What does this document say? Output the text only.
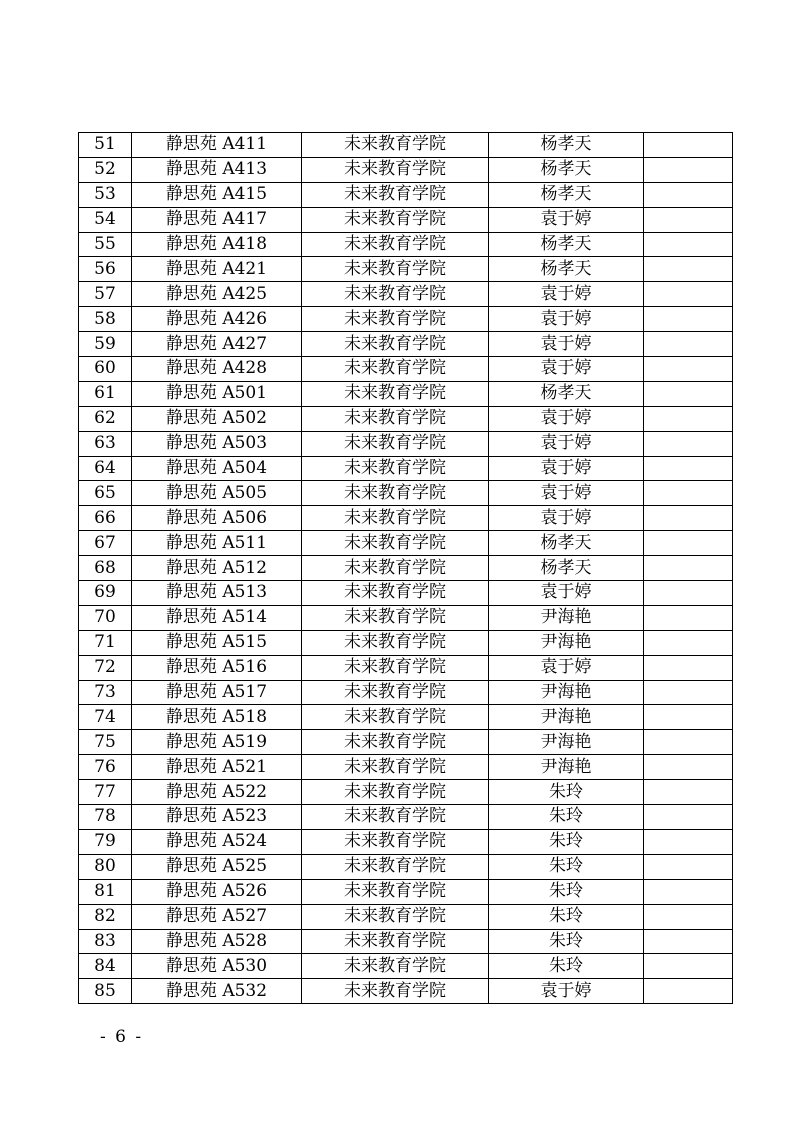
51	静思苑 A411	未来教育学院	杨孝天	
52	静思苑 A413	未来教育学院	杨孝天	
53	静思苑 A415	未来教育学院	杨孝天	
54	静思苑 A417	未来教育学院	袁于婷	
55	静思苑 A418	未来教育学院	杨孝天	
56	静思苑 A421	未来教育学院	杨孝天	
57	静思苑 A425	未来教育学院	袁于婷	
58	静思苑 A426	未来教育学院	袁于婷	
59	静思苑 A427	未来教育学院	袁于婷	
60	静思苑 A428	未来教育学院	袁于婷	
61	静思苑 A501	未来教育学院	杨孝天	
62	静思苑 A502	未来教育学院	袁于婷	
63	静思苑 A503	未来教育学院	袁于婷	
64	静思苑 A504	未来教育学院	袁于婷	
65	静思苑 A505	未来教育学院	袁于婷	
66	静思苑 A506	未来教育学院	袁于婷	
67	静思苑 A511	未来教育学院	杨孝天	
68	静思苑 A512	未来教育学院	杨孝天	
69	静思苑 A513	未来教育学院	袁于婷	
70	静思苑 A514	未来教育学院	尹海艳	
71	静思苑 A515	未来教育学院	尹海艳	
72	静思苑 A516	未来教育学院	袁于婷	
73	静思苑 A517	未来教育学院	尹海艳	
74	静思苑 A518	未来教育学院	尹海艳	
75	静思苑 A519	未来教育学院	尹海艳	
76	静思苑 A521	未来教育学院	尹海艳	
77	静思苑 A522	未来教育学院	朱玲	
78	静思苑 A523	未来教育学院	朱玲	
79	静思苑 A524	未来教育学院	朱玲	
80	静思苑 A525	未来教育学院	朱玲	
81	静思苑 A526	未来教育学院	朱玲	
82	静思苑 A527	未来教育学院	朱玲	
83	静思苑 A528	未来教育学院	朱玲	
84	静思苑 A530	未来教育学院	朱玲	
85	静思苑 A532	未来教育学院	袁于婷	
- 6 -
